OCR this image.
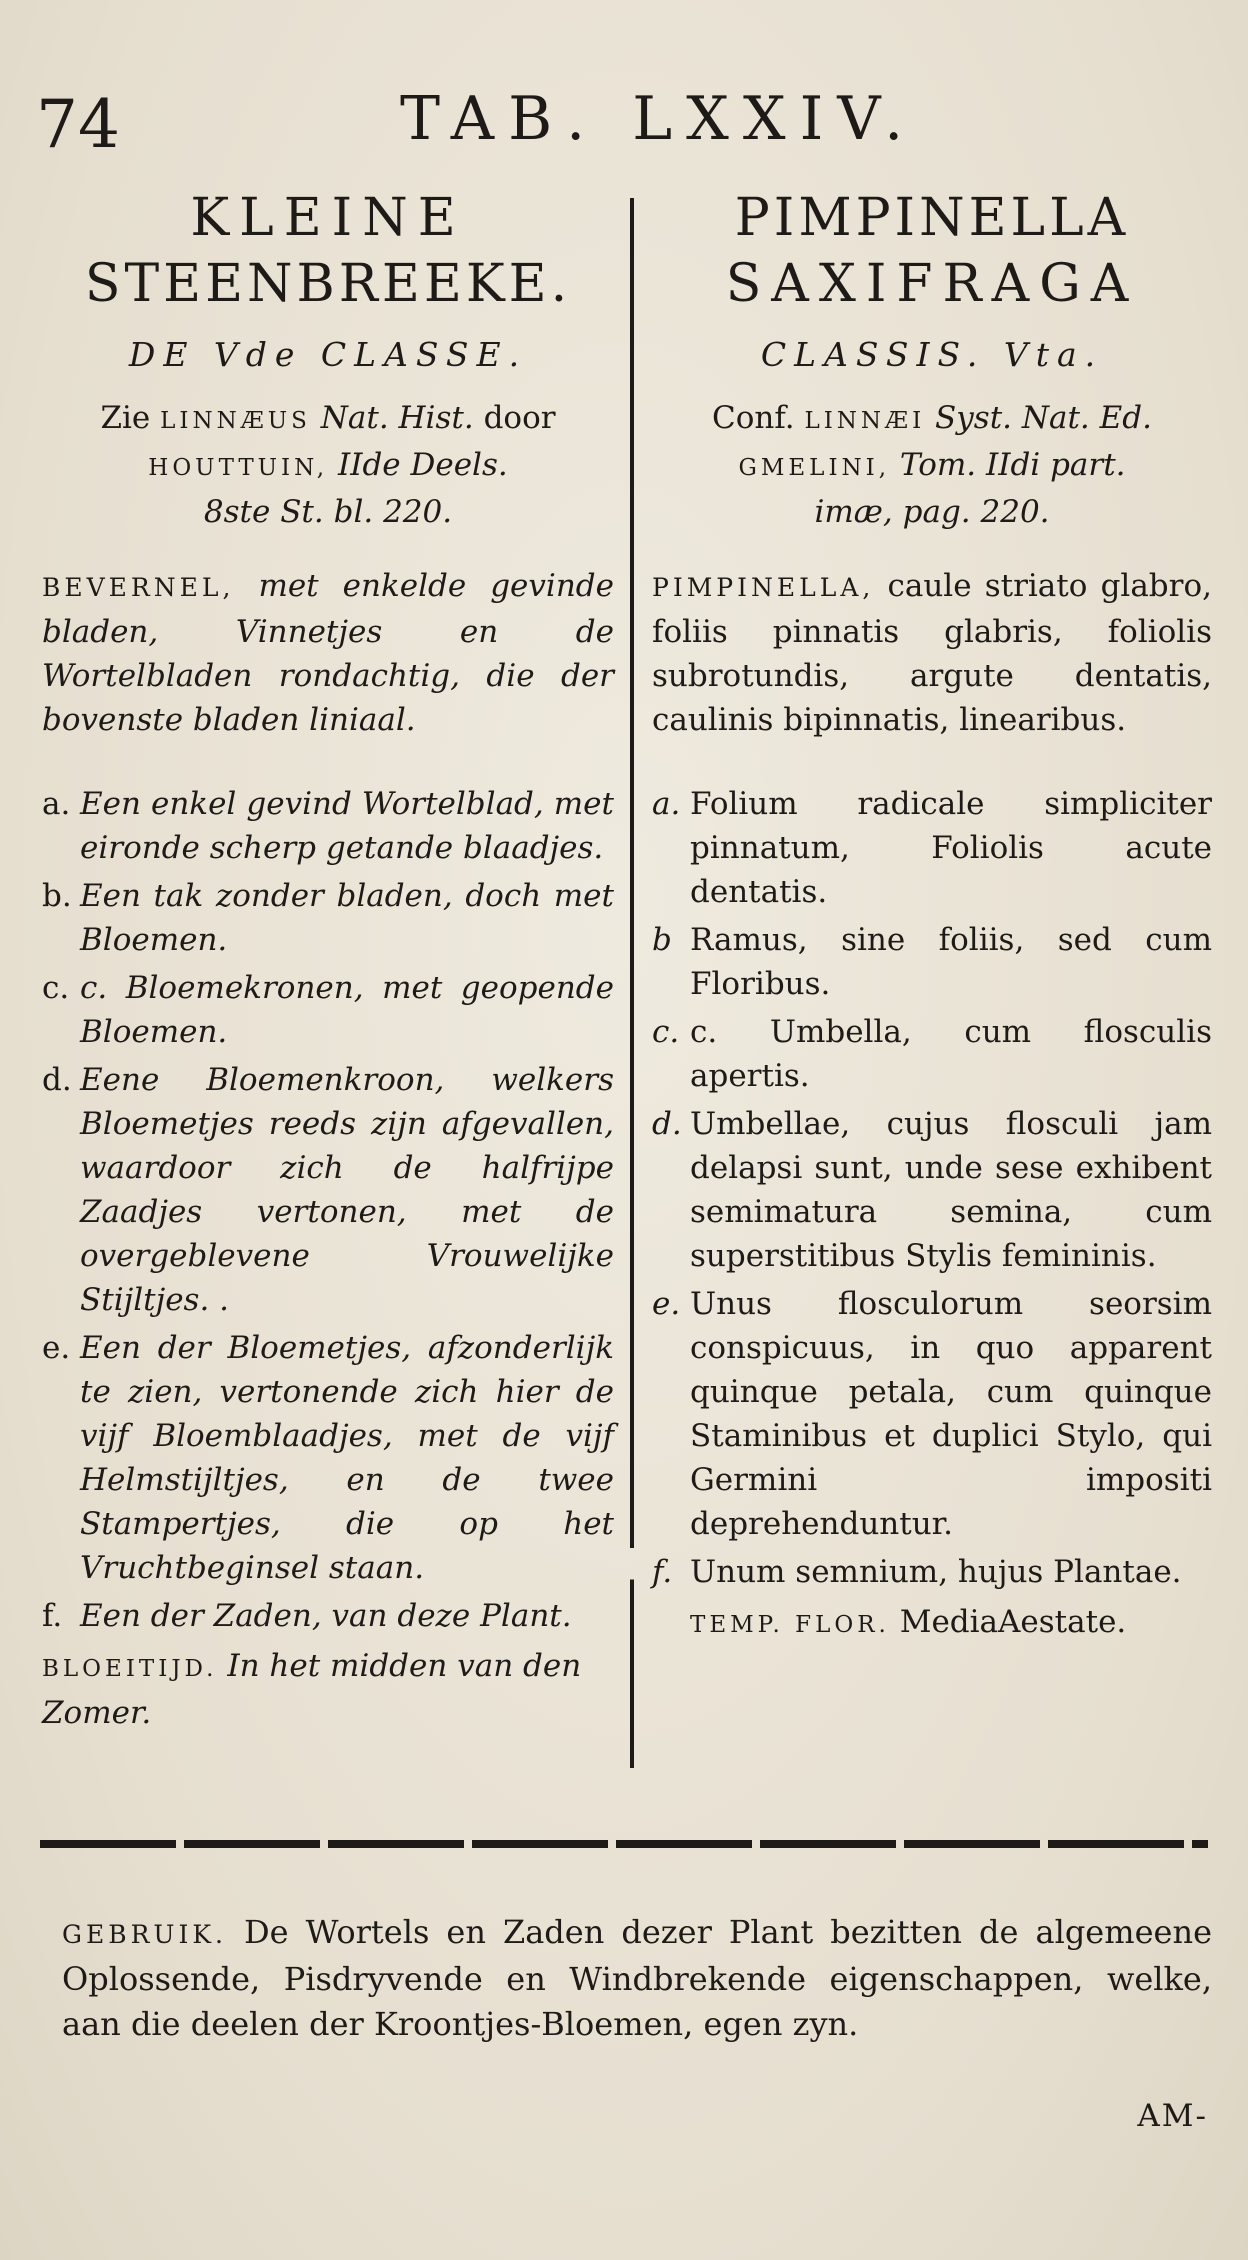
74	TAB. LXXIV.
KLEINE
STEENBREEKE.
DE Vde CLASSE.
Zie LINNÆUS Nat. Hist. door
HOUTTUIN, IIde Deels.
8ste St. bl. 220.
BEVERNEL, met enkelde gevinde bladen, Vinnetjes en de Wortelbladen rondachtig, die der bovenste bladen liniaal.
a. Een enkel gevind Wortelblad, met eironde scherp getande blaadjes.
b. Een tak zonder bladen, doch met Bloemen.
c. c. Bloemekronen, met geopende Bloemen.
d. Eene Bloemenkroon, welkers Bloemetjes reeds zijn afgevallen, waardoor zich de halfrijpe Zaadjes vertonen, met de overgeblevene Vrouwelijke Stijltjes. .
e. Een der Bloemetjes, afzonderlijk te zien, vertonende zich hier de vijf Bloemblaadjes, met de vijf Helmstijltjes, en de twee Stampertjes, die op het Vruchtbeginsel staan.
f. Een der Zaden, van deze Plant.
BLOEITIJD. In het midden van den Zomer.
PIMPINELLA
SAXIFRAGA
CLASSIS. Vta.
Conf. LINNÆI Syst. Nat. Ed.
GMELINI, Tom. IIdi part.
imæ, pag. 220.
PIMPINELLA, caule striato glabro, foliis pinnatis glabris, foliolis subrotundis, argute dentatis, caulinis bipinnatis, linearibus.
a. Folium radicale simpliciter pinnatum, Foliolis acute dentatis.
b Ramus, sine foliis, sed cum Floribus.
c. c. Umbella, cum flosculis apertis.
d. Umbellae, cujus flosculi jam delapsi sunt, unde sese exhibent semimatura semina, cum superstitibus Stylis femininis.
e. Unus flosculorum seorsim conspicuus, in quo apparent quinque petala, cum quinque Staminibus et duplici Stylo, qui Germini impositi deprehenduntur.
f. Unum semnium, hujus Plantae.
TEMP. FLOR. MediaAestate.
GEBRUIK. De Wortels en Zaden dezer Plant bezitten de algemeene Oplossende, Pisdryvende en Windbrekende eigenschappen, welke, aan die deelen der Kroontjes-Bloemen, egen zyn.
AM-
